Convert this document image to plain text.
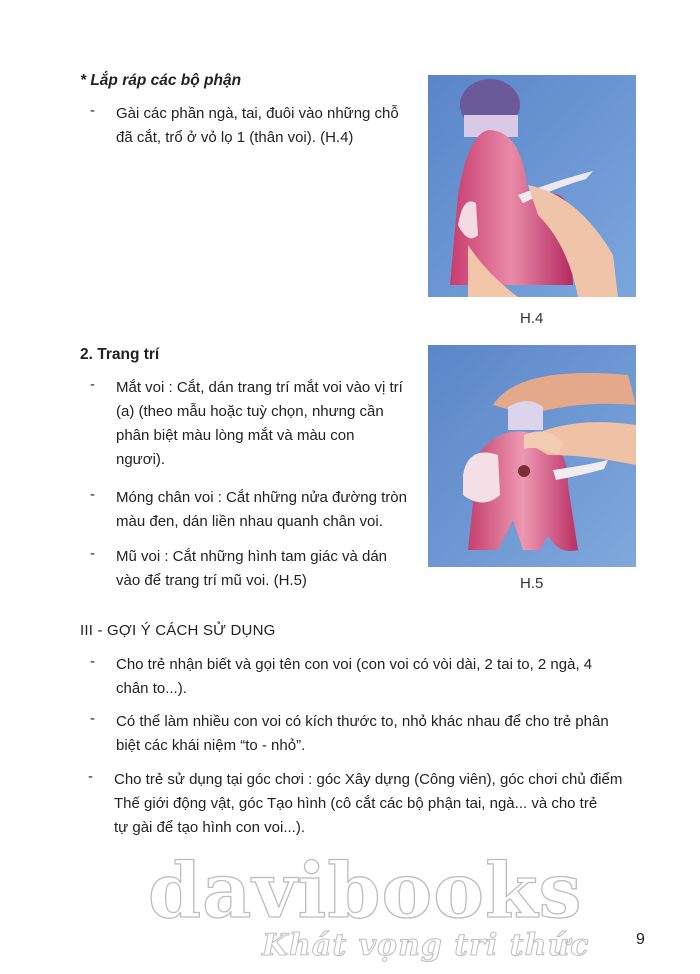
* Lắp ráp các bộ phận
- Gài các phần ngà, tai, đuôi vào những chỗ
đã cắt, trổ ở vỏ lọ 1 (thân voi). (H.4)
H.4
2. Trang trí
- Mắt voi : Cắt, dán trang trí mắt voi vào vị trí
(a) (theo mẫu hoặc tuỳ chọn, nhưng cần
phân biệt màu lòng mắt và màu con
ngươi).
- Móng chân voi : Cắt những nửa đường tròn
màu đen, dán liền nhau quanh chân voi.
- Mũ voi : Cắt những hình tam giác và dán
vào để trang trí mũ voi. (H.5)	H.5
III - GỢI Ý CÁCH SỬ DỤNG
- Cho trẻ nhận biết và gọi tên con voi (con voi có vòi dài, 2 tai to, 2 ngà, 4
chân to...).
- Có thể làm nhiều con voi có kích thước to, nhỏ khác nhau để cho trẻ phân
biệt các khái niệm “to - nhỏ”.
- Cho trẻ sử dụng tại góc chơi : góc Xây dựng (Công viên), góc chơi chủ điểm
Thế giới động vật, góc Tạo hình (cô cắt các bộ phận tai, ngà... và cho trẻ
tự gài để tạo hình con voi...).
davibooks
Khát vọng tri thức	9
